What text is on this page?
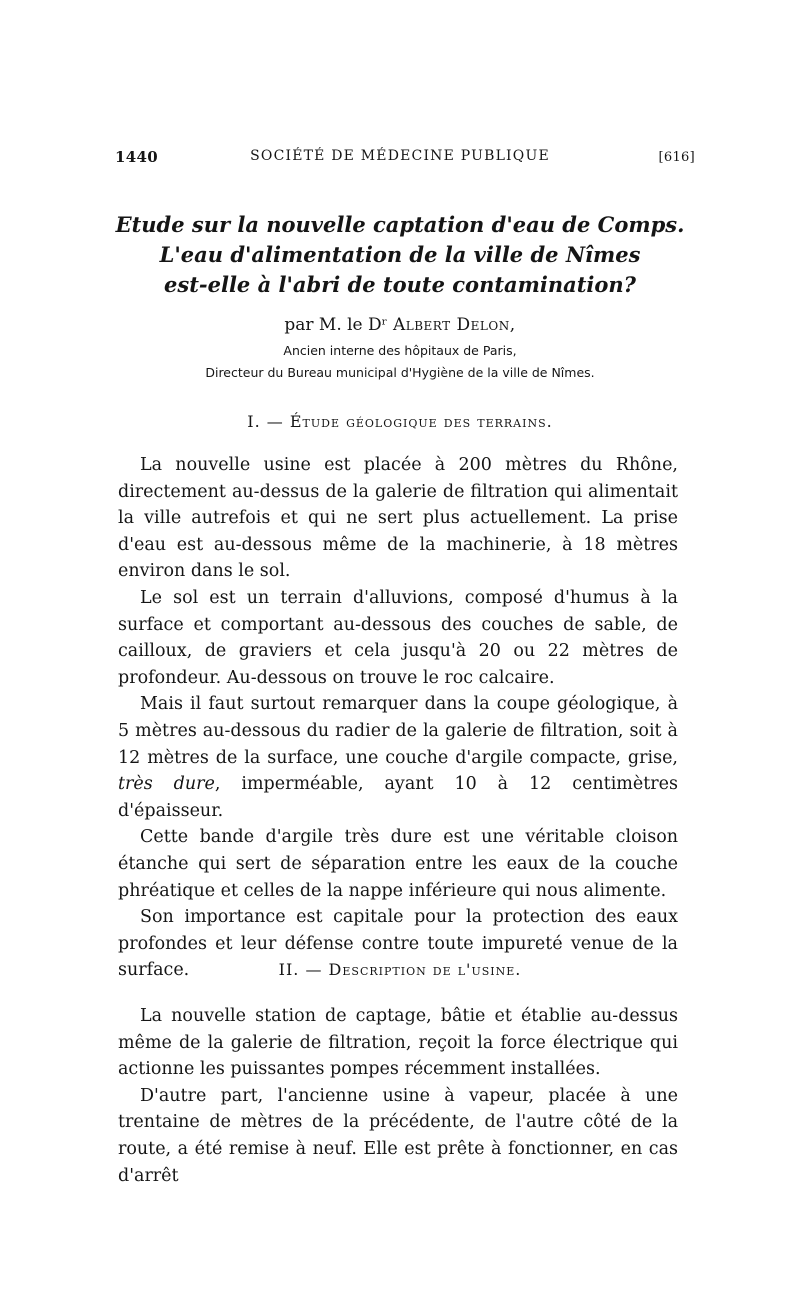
1440	SOCIÉTÉ DE MÉDECINE PUBLIQUE	[616]
Etude sur la nouvelle captation d'eau de Comps.
L'eau d'alimentation de la ville de Nîmes
est-elle à l'abri de toute contamination?
par M. le Dʳ Albert Delon,
Ancien interne des hôpitaux de Paris,
Directeur du Bureau municipal d'Hygiène de la ville de Nîmes.
I. — Étude géologique des terrains.

La nouvelle usine est placée à 200 mètres du Rhône, directement au-dessus de la galerie de filtration qui alimentait la ville autrefois et qui ne sert plus actuellement. La prise d'eau est au-dessous même de la machinerie, à 18 mètres environ dans le sol.

Le sol est un terrain d'alluvions, composé d'humus à la surface et comportant au-dessous des couches de sable, de cailloux, de graviers et cela jusqu'à 20 ou 22 mètres de profondeur. Au-dessous on trouve le roc calcaire.

Mais il faut surtout remarquer dans la coupe géologique, à 5 mètres au-dessous du radier de la galerie de filtration, soit à 12 mètres de la surface, une couche d'argile compacte, grise, très dure, imperméable, ayant 10 à 12 centimètres d'épaisseur.

Cette bande d'argile très dure est une véritable cloison étanche qui sert de séparation entre les eaux de la couche phréatique et celles de la nappe inférieure qui nous alimente.

Son importance est capitale pour la protection des eaux profondes et leur défense contre toute impureté venue de la surface.	II. — Description de l'usine.

La nouvelle station de captage, bâtie et établie au-dessus même de la galerie de filtration, reçoit la force électrique qui actionne les puissantes pompes récemment installées.

D'autre part, l'ancienne usine à vapeur, placée à une trentaine de mètres de la précédente, de l'autre côté de la route, a été remise à neuf. Elle est prête à fonctionner, en cas d'arrêt
